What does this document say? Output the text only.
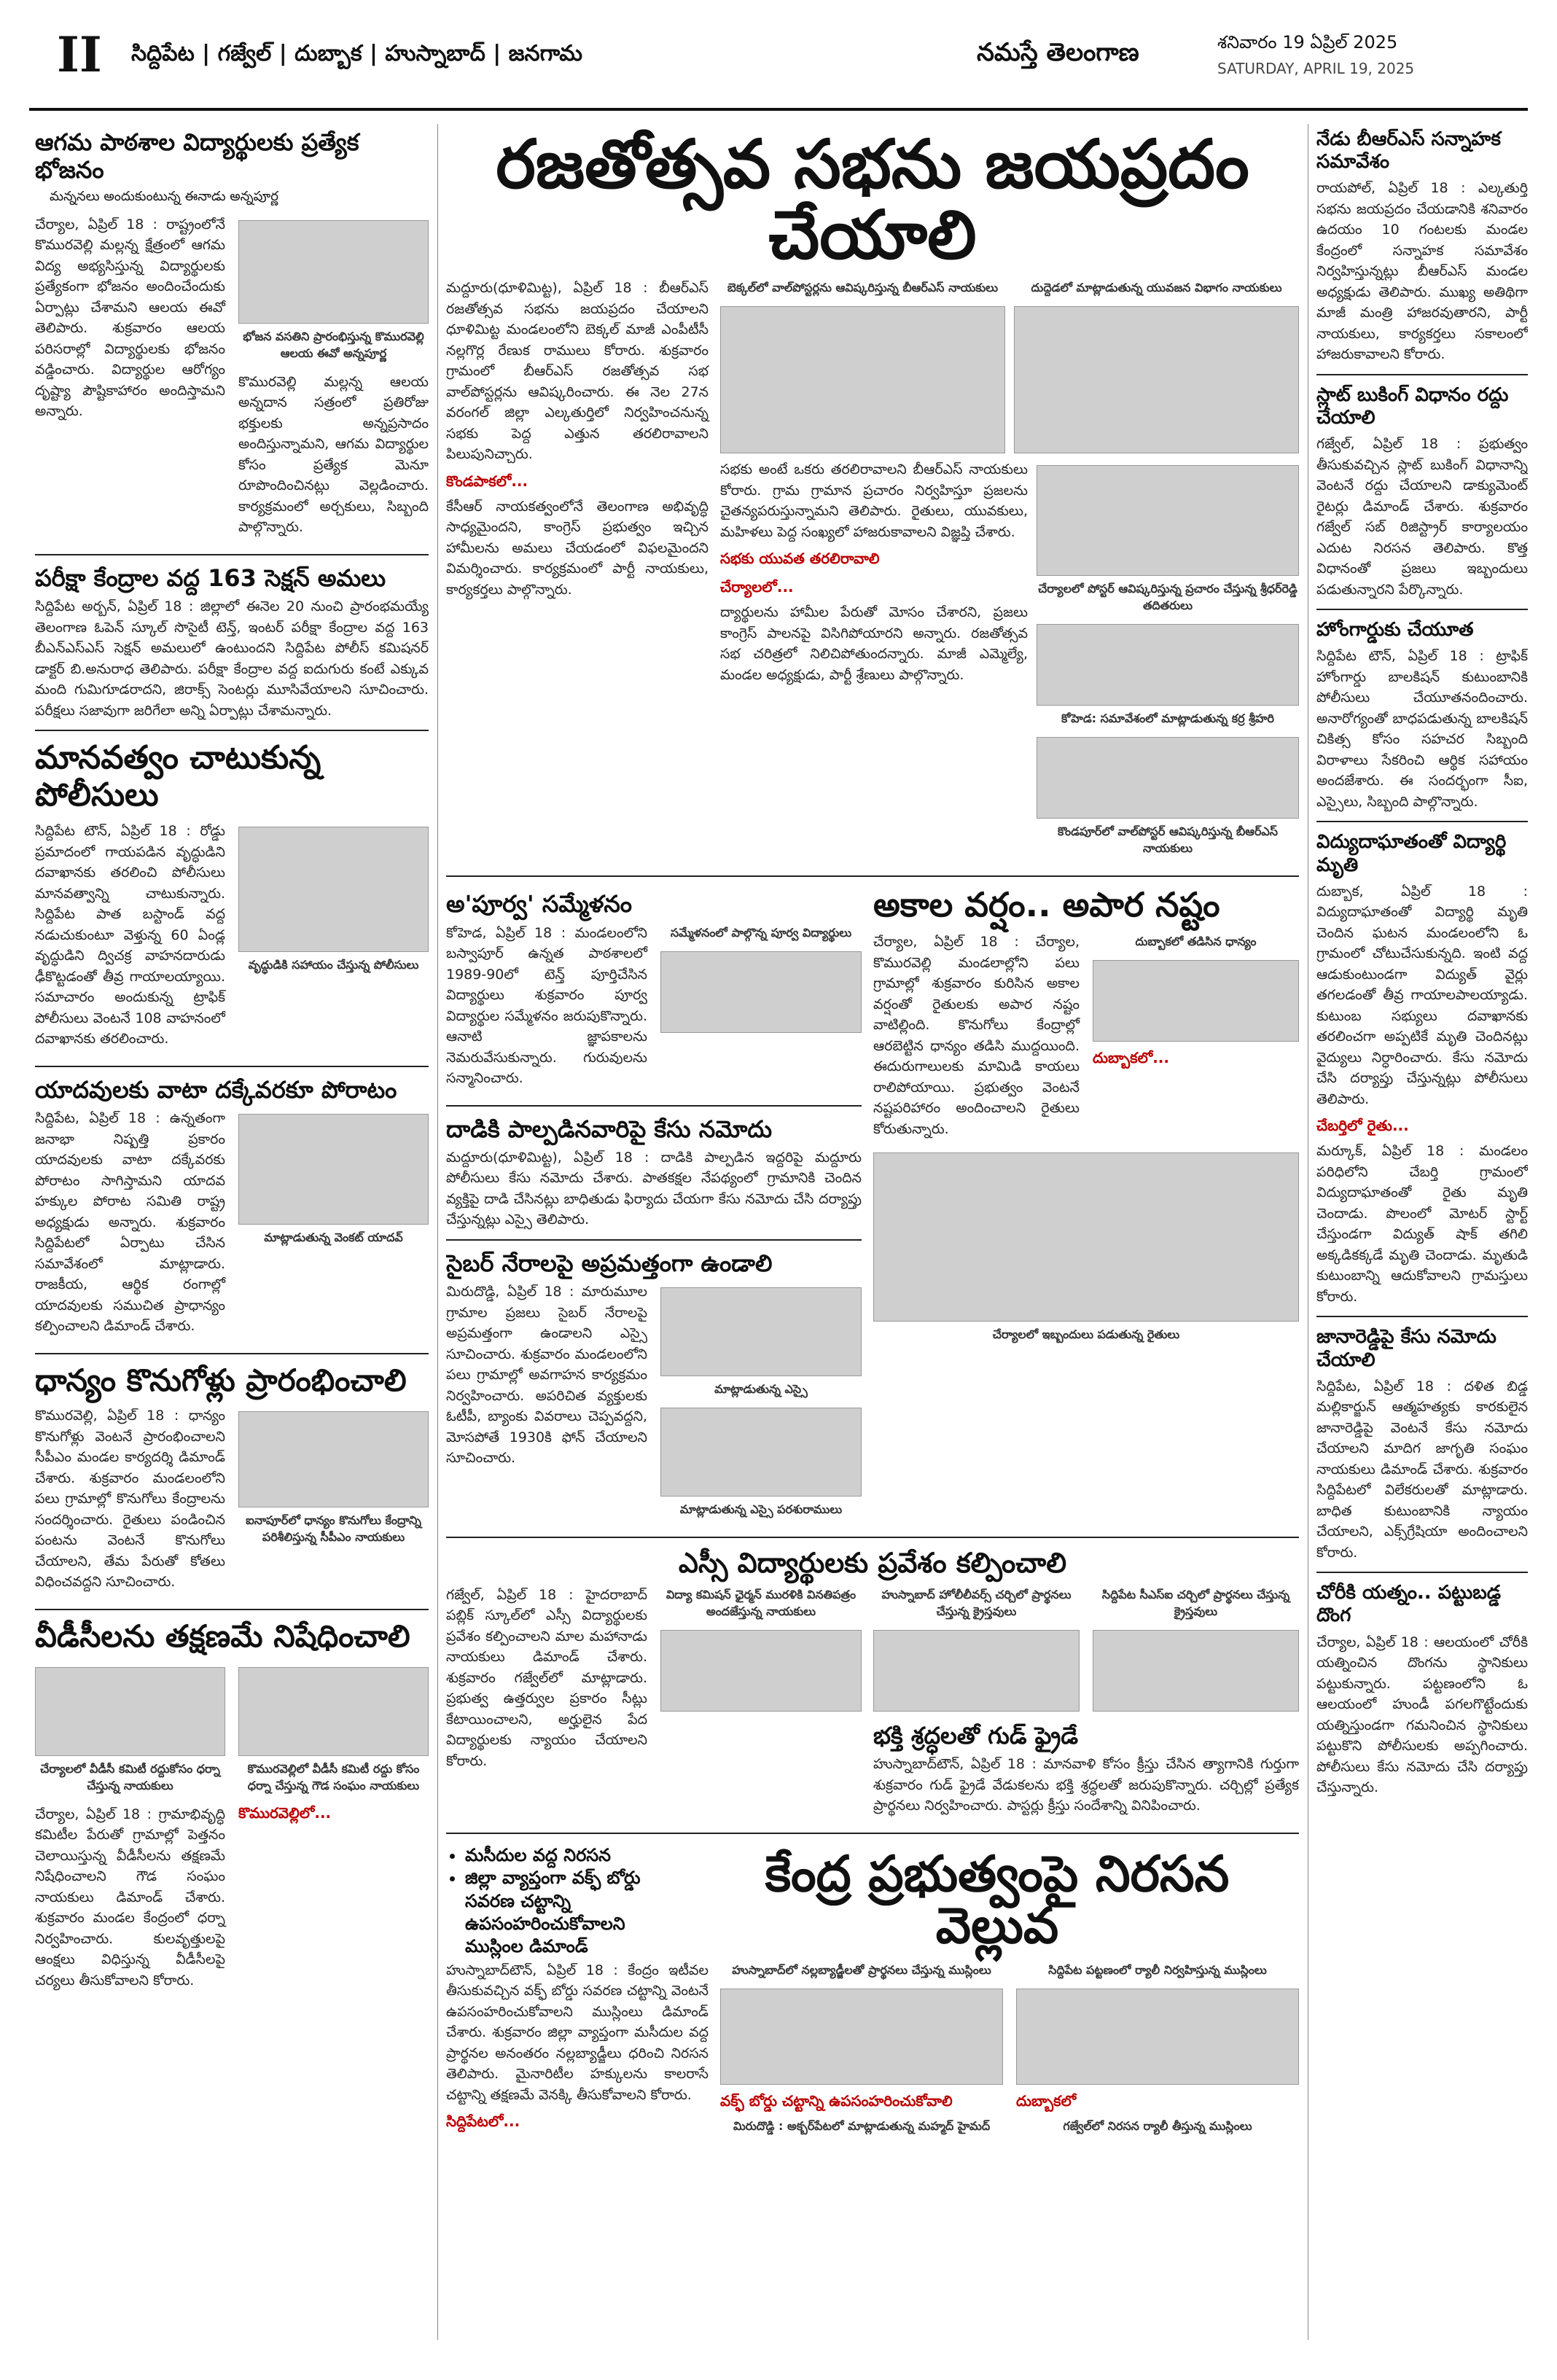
II సిద్దిపేట | గజ్వేల్ | దుబ్బాక | హుస్నాబాద్ | జనగామ	నమస్తే తెలంగాణ	శనివారం 19 ఏప్రిల్ 2025
SATURDAY, APRIL 19, 2025
ఆగమ పాఠశాల విద్యార్థులకు ప్రత్యేక భోజనం
మన్ననలు అందుకుంటున్న ఈనాడు అన్నపూర్ణ

చేర్యాల, ఏప్రిల్ 18 : రాష్ట్రంలోనే కొమురవెల్లి మల్లన్న క్షేత్రంలో ఆగమ విద్య అభ్యసిస్తున్న విద్యార్థులకు ప్రత్యేకంగా భోజనం అందించేందుకు ఏర్పాట్లు చేశామని ఆలయ ఈవో తెలిపారు. శుక్రవారం ఆలయ పరిసరాల్లో విద్యార్థులకు భోజనం వడ్డించారు. విద్యార్థుల ఆరోగ్యం దృష్ట్యా పౌష్టికాహారం అందిస్తామని అన్నారు.

భోజన వసతిని ప్రారంభిస్తున్న కొమురవెల్లి ఆలయ ఈవో అన్నపూర్ణ

కొమురవెల్లి మల్లన్న ఆలయ అన్నదాన సత్రంలో ప్రతిరోజు భక్తులకు అన్నప్రసాదం అందిస్తున్నామని, ఆగమ విద్యార్థుల కోసం ప్రత్యేక మెనూ రూపొందించినట్లు వెల్లడించారు. కార్యక్రమంలో అర్చకులు, సిబ్బంది పాల్గొన్నారు.

పరీక్షా కేంద్రాల వద్ద 163 సెక్షన్ అమలు

సిద్దిపేట అర్బన్, ఏప్రిల్ 18 : జిల్లాలో ఈనెల 20 నుంచి ప్రారంభమయ్యే తెలంగాణ ఓపెన్ స్కూల్ సొసైటీ టెన్త్, ఇంటర్ పరీక్షా కేంద్రాల వద్ద 163 బీఎన్ఎస్ఎస్ సెక్షన్ అమలులో ఉంటుందని సిద్దిపేట పోలీస్ కమిషనర్ డాక్టర్ బి.అనురాధ తెలిపారు. పరీక్షా కేంద్రాల వద్ద ఐదుగురు కంటే ఎక్కువ మంది గుమిగూడరాదని, జిరాక్స్ సెంటర్లు మూసివేయాలని సూచించారు. పరీక్షలు సజావుగా జరిగేలా అన్ని ఏర్పాట్లు చేశామన్నారు.

మానవత్వం చాటుకున్న పోలీసులు

సిద్దిపేట టౌన్, ఏప్రిల్ 18 : రోడ్డు ప్రమాదంలో గాయపడిన వృద్ధుడిని దవాఖానకు తరలించి పోలీసులు మానవత్వాన్ని చాటుకున్నారు. సిద్దిపేట పాత బస్టాండ్ వద్ద నడుచుకుంటూ వెళ్తున్న 60 ఏండ్ల వృద్ధుడిని ద్విచక్ర వాహనదారుడు ఢీకొట్టడంతో తీవ్ర గాయాలయ్యాయి. సమాచారం అందుకున్న ట్రాఫిక్ పోలీసులు వెంటనే 108 వాహనంలో దవాఖానకు తరలించారు.

వృద్ధుడికి సహాయం చేస్తున్న పోలీసులు
యాదవులకు వాటా దక్కేవరకూ పోరాటం

సిద్దిపేట, ఏప్రిల్ 18 : ఉన్నతంగా జనాభా నిష్పత్తి ప్రకారం యాదవులకు వాటా దక్కేవరకు పోరాటం సాగిస్తామని యాదవ హక్కుల పోరాట సమితి రాష్ట్ర అధ్యక్షుడు అన్నారు. శుక్రవారం సిద్దిపేటలో ఏర్పాటు చేసిన సమావేశంలో మాట్లాడారు. రాజకీయ, ఆర్థిక రంగాల్లో యాదవులకు సముచిత ప్రాధాన్యం కల్పించాలని డిమాండ్ చేశారు.

మాట్లాడుతున్న వెంకట్ యాదవ్
ధాన్యం కొనుగోళ్లు ప్రారంభించాలి

కొమురవెల్లి, ఏప్రిల్ 18 : ధాన్యం కొనుగోళ్లు వెంటనే ప్రారంభించాలని సీపీఎం మండల కార్యదర్శి డిమాండ్ చేశారు. శుక్రవారం మండలంలోని పలు గ్రామాల్లో కొనుగోలు కేంద్రాలను సందర్శించారు. రైతులు పండించిన పంటను వెంటనే కొనుగోలు చేయాలని, తేమ పేరుతో కోతలు విధించవద్దని సూచించారు.

ఐనాపూర్‌లో ధాన్యం కొనుగోలు కేంద్రాన్ని పరిశీలిస్తున్న సీపీఎం నాయకులు
వీడీసీలను తక్షణమే నిషేధించాలి
చేర్యాలలో వీడీసీ కమిటీ రద్దుకోసం ధర్నా చేస్తున్న నాయకులు

చేర్యాల, ఏప్రిల్ 18 : గ్రామాభివృద్ధి కమిటీల పేరుతో గ్రామాల్లో పెత్తనం చెలాయిస్తున్న వీడీసీలను తక్షణమే నిషేధించాలని గౌడ సంఘం నాయకులు డిమాండ్ చేశారు. శుక్రవారం మండల కేంద్రంలో ధర్నా నిర్వహించారు. కులవృత్తులపై ఆంక్షలు విధిస్తున్న వీడీసీలపై చర్యలు తీసుకోవాలని కోరారు.

కొమురవెల్లిలో వీడీసీ కమిటీ రద్దు కోసం ధర్నా చేస్తున్న గౌడ సంఘం నాయకులు
కొమురవెల్లిలో...
రజతోత్సవ సభను జయప్రదం చేయాలి

మద్దూరు(ధూళిమిట్ట), ఏప్రిల్ 18 : బీఆర్ఎస్ రజతోత్సవ సభను జయప్రదం చేయాలని ధూళిమిట్ట మండలంలోని బెక్కల్ మాజీ ఎంపీటీసీ నల్లగొర్ల రేణుక రాములు కోరారు. శుక్రవారం గ్రామంలో బీఆర్ఎస్ రజతోత్సవ సభ వాల్‌పోస్టర్లను ఆవిష్కరించారు. ఈ నెల 27న వరంగల్ జిల్లా ఎల్కతుర్తిలో నిర్వహించనున్న సభకు పెద్ద ఎత్తున తరలిరావాలని పిలుపునిచ్చారు.

కొండపాకలో...

కేసీఆర్ నాయకత్వంలోనే తెలంగాణ అభివృద్ధి సాధ్యమైందని, కాంగ్రెస్ ప్రభుత్వం ఇచ్చిన హామీలను అమలు చేయడంలో విఫలమైందని విమర్శించారు. కార్యక్రమంలో పార్టీ నాయకులు, కార్యకర్తలు పాల్గొన్నారు.

బెక్కల్‌లో వాల్‌పోస్టర్లను ఆవిష్కరిస్తున్న బీఆర్ఎస్ నాయకులు	దుద్దెడలో మాట్లాడుతున్న యువజన విభాగం నాయకులు

సభకు అంటే ఒకరు తరలిరావాలని బీఆర్ఎస్ నాయకులు కోరారు. గ్రామ గ్రామాన ప్రచారం నిర్వహిస్తూ ప్రజలను చైతన్యపరుస్తున్నామని తెలిపారు. రైతులు, యువకులు, మహిళలు పెద్ద సంఖ్యలో హాజరుకావాలని విజ్ఞప్తి చేశారు.

సభకు యువత తరలిరావాలి
చేర్యాలలో...

ద్యార్థులను హామీల పేరుతో మోసం చేశారని, ప్రజలు కాంగ్రెస్ పాలనపై విసిగిపోయారని అన్నారు. రజతోత్సవ సభ చరిత్రలో నిలిచిపోతుందన్నారు. మాజీ ఎమ్మెల్యే, మండల అధ్యక్షుడు, పార్టీ శ్రేణులు పాల్గొన్నారు.

చేర్యాలలో పోస్టర్ ఆవిష్కరిస్తున్న ప్రచారం చేస్తున్న శ్రీధర్‌రెడ్డి తదితరులు
కోహెడ: సమావేశంలో మాట్లాడుతున్న కర్ర శ్రీహరి
కొండపూర్‌లో వాల్‌పోస్టర్ ఆవిష్కరిస్తున్న బీఆర్ఎస్ నాయకులు
అ'పూర్వ' సమ్మేళనం

కోహెడ, ఏప్రిల్ 18 : మండలంలోని బస్వాపూర్ ఉన్నత పాఠశాలలో 1989-90లో టెన్త్ పూర్తిచేసిన విద్యార్థులు శుక్రవారం పూర్వ విద్యార్థుల సమ్మేళనం జరుపుకొన్నారు. ఆనాటి జ్ఞాపకాలను నెమరువేసుకున్నారు. గురువులను సన్మానించారు.

సమ్మేళనంలో పాల్గొన్న పూర్వ విద్యార్థులు
దాడికి పాల్పడినవారిపై కేసు నమోదు

మద్దూరు(ధూళిమిట్ట), ఏప్రిల్ 18 : దాడికి పాల్పడిన ఇద్దరిపై మద్దూరు పోలీసులు కేసు నమోదు చేశారు. పాతకక్షల నేపథ్యంలో గ్రామానికి చెందిన వ్యక్తిపై దాడి చేసినట్లు బాధితుడు ఫిర్యాదు చేయగా కేసు నమోదు చేసి దర్యాప్తు చేస్తున్నట్లు ఎస్సై తెలిపారు.

సైబర్ నేరాలపై అప్రమత్తంగా ఉండాలి

మిరుదొడ్డి, ఏప్రిల్ 18 : మారుమూల గ్రామాల ప్రజలు సైబర్ నేరాలపై అప్రమత్తంగా ఉండాలని ఎస్సై సూచించారు. శుక్రవారం మండలంలోని పలు గ్రామాల్లో అవగాహన కార్యక్రమం నిర్వహించారు. అపరిచిత వ్యక్తులకు ఓటీపీ, బ్యాంకు వివరాలు చెప్పవద్దని, మోసపోతే 1930కి ఫోన్ చేయాలని సూచించారు.

మాట్లాడుతున్న ఎస్సై
మాట్లాడుతున్న ఎస్సై పరశురాములు
అకాల వర్షం.. అపార నష్టం

చేర్యాల, ఏప్రిల్ 18 : చేర్యాల, కొమురవెల్లి మండలాల్లోని పలు గ్రామాల్లో శుక్రవారం కురిసిన అకాల వర్షంతో రైతులకు అపార నష్టం వాటిల్లింది. కొనుగోలు కేంద్రాల్లో ఆరబెట్టిన ధాన్యం తడిసి ముద్దయింది. ఈదురుగాలులకు మామిడి కాయలు రాలిపోయాయి. ప్రభుత్వం వెంటనే నష్టపరిహారం అందించాలని రైతులు కోరుతున్నారు.

దుబ్బాకలో తడిసిన ధాన్యం
దుబ్బాకలో...
చేర్యాలలో ఇబ్బందులు పడుతున్న రైతులు
ఎస్సీ విద్యార్థులకు ప్రవేశం కల్పించాలి

గజ్వేల్, ఏప్రిల్ 18 : హైదరాబాద్ పబ్లిక్ స్కూల్‌లో ఎస్సీ విద్యార్థులకు ప్రవేశం కల్పించాలని మాల మహానాడు నాయకులు డిమాండ్ చేశారు. శుక్రవారం గజ్వేల్‌లో మాట్లాడారు. ప్రభుత్వ ఉత్తర్వుల ప్రకారం సీట్లు కేటాయించాలని, అర్హులైన పేద విద్యార్థులకు న్యాయం చేయాలని కోరారు.

విద్యా కమిషన్ ఛైర్మన్ మురళికి వినతిపత్రం అందజేస్తున్న నాయకులు
హుస్నాబాద్ హోలీలీవర్స్ చర్చిలో ప్రార్థనలు చేస్తున్న క్రైస్తవులు
సిద్దిపేట సీఎస్ఐ చర్చిలో ప్రార్థనలు చేస్తున్న క్రైస్తవులు
భక్తి శ్రద్ధలతో గుడ్ ఫ్రైడే

హుస్నాబాద్‌టౌన్, ఏప్రిల్ 18 : మానవాళి కోసం క్రీస్తు చేసిన త్యాగానికి గుర్తుగా శుక్రవారం గుడ్ ఫ్రైడే వేడుకలను భక్తి శ్రద్ధలతో జరుపుకొన్నారు. చర్చిల్లో ప్రత్యేక ప్రార్థనలు నిర్వహించారు. పాస్టర్లు క్రీస్తు సందేశాన్ని వినిపించారు.

• మసీదుల వద్ద నిరసన
• జిల్లా వ్యాప్తంగా వక్ఫ్ బోర్డు సవరణ చట్టాన్ని ఉపసంహరించుకోవాలని ముస్లింల డిమాండ్
కేంద్ర ప్రభుత్వంపై నిరసన వెల్లువ

హుస్నాబాద్‌టౌన్, ఏప్రిల్ 18 : కేంద్రం ఇటీవల తీసుకువచ్చిన వక్ఫ్ బోర్డు సవరణ చట్టాన్ని వెంటనే ఉపసంహరించుకోవాలని ముస్లింలు డిమాండ్ చేశారు. శుక్రవారం జిల్లా వ్యాప్తంగా మసీదుల వద్ద ప్రార్థనల అనంతరం నల్లబ్యాడ్జీలు ధరించి నిరసన తెలిపారు. మైనారిటీల హక్కులను కాలరాసే చట్టాన్ని తక్షణమే వెనక్కి తీసుకోవాలని కోరారు.

సిద్దిపేటలో...
హుస్నాబాద్‌లో నల్లబ్యాడ్జీలతో ప్రార్థనలు చేస్తున్న ముస్లింలు
వక్ఫ్ బోర్డు చట్టాన్ని ఉపసంహరించుకోవాలి
సిద్దిపేట పట్టణంలో ర్యాలీ నిర్వహిస్తున్న ముస్లింలు
దుబ్బాకలో
మిరుదొడ్డి : అక్బర్‌పేటలో మాట్లాడుతున్న మహ్మద్ హైమద్	గజ్వేల్‌లో నిరసన ర్యాలీ తీస్తున్న ముస్లింలు
నేడు బీఆర్ఎస్ సన్నాహక సమావేశం

రాయపోల్, ఏప్రిల్ 18 : ఎల్కతుర్తి సభను జయప్రదం చేయడానికి శనివారం ఉదయం 10 గంటలకు మండల కేంద్రంలో సన్నాహక సమావేశం నిర్వహిస్తున్నట్లు బీఆర్ఎస్ మండల అధ్యక్షుడు తెలిపారు. ముఖ్య అతిథిగా మాజీ మంత్రి హాజరవుతారని, పార్టీ నాయకులు, కార్యకర్తలు సకాలంలో హాజరుకావాలని కోరారు.

స్లాట్ బుకింగ్ విధానం రద్దు చేయాలి

గజ్వేల్, ఏప్రిల్ 18 : ప్రభుత్వం తీసుకువచ్చిన స్లాట్ బుకింగ్ విధానాన్ని వెంటనే రద్దు చేయాలని డాక్యుమెంట్ రైటర్లు డిమాండ్ చేశారు. శుక్రవారం గజ్వేల్ సబ్ రిజిస్ట్రార్ కార్యాలయం ఎదుట నిరసన తెలిపారు. కొత్త విధానంతో ప్రజలు ఇబ్బందులు పడుతున్నారని పేర్కొన్నారు.

హోంగార్డుకు చేయూత

సిద్దిపేట టౌన్, ఏప్రిల్ 18 : ట్రాఫిక్ హోంగార్డు బాలకిషన్ కుటుంబానికి పోలీసులు చేయూతనందించారు. అనారోగ్యంతో బాధపడుతున్న బాలకిషన్ చికిత్స కోసం సహచర సిబ్బంది విరాళాలు సేకరించి ఆర్థిక సహాయం అందజేశారు. ఈ సందర్భంగా సీఐ, ఎస్సైలు, సిబ్బంది పాల్గొన్నారు.

విద్యుదాఘాతంతో విద్యార్థి మృతి

దుబ్బాక, ఏప్రిల్ 18 : విద్యుదాఘాతంతో విద్యార్థి మృతి చెందిన ఘటన మండలంలోని ఓ గ్రామంలో చోటుచేసుకున్నది. ఇంటి వద్ద ఆడుకుంటుండగా విద్యుత్ వైర్లు తగలడంతో తీవ్ర గాయాలపాలయ్యాడు. కుటుంబ సభ్యులు దవాఖానకు తరలించగా అప్పటికే మృతి చెందినట్లు వైద్యులు నిర్ధారించారు. కేసు నమోదు చేసి దర్యాప్తు చేస్తున్నట్లు పోలీసులు తెలిపారు.

చేబర్తిలో రైతు...

మర్కూక్, ఏప్రిల్ 18 : మండలం పరిధిలోని చేబర్తి గ్రామంలో విద్యుదాఘాతంతో రైతు మృతి చెందాడు. పొలంలో మోటర్ స్టార్ట్ చేస్తుండగా విద్యుత్ షాక్ తగిలి అక్కడికక్కడే మృతి చెందాడు. మృతుడి కుటుంబాన్ని ఆదుకోవాలని గ్రామస్తులు కోరారు.

జానారెడ్డిపై కేసు నమోదు చేయాలి

సిద్దిపేట, ఏప్రిల్ 18 : దళిత బిడ్డ మల్లికార్జున్ ఆత్మహత్యకు కారకులైన జానారెడ్డిపై వెంటనే కేసు నమోదు చేయాలని మాదిగ జాగృతి సంఘం నాయకులు డిమాండ్ చేశారు. శుక్రవారం సిద్దిపేటలో విలేకరులతో మాట్లాడారు. బాధిత కుటుంబానికి న్యాయం చేయాలని, ఎక్స్‌గ్రేషియా అందించాలని కోరారు.

చోరీకి యత్నం.. పట్టుబడ్డ దొంగ

చేర్యాల, ఏప్రిల్ 18 : ఆలయంలో చోరీకి యత్నించిన దొంగను స్థానికులు పట్టుకున్నారు. పట్టణంలోని ఓ ఆలయంలో హుండీ పగలగొట్టేందుకు యత్నిస్తుండగా గమనించిన స్థానికులు పట్టుకొని పోలీసులకు అప్పగించారు. పోలీసులు కేసు నమోదు చేసి దర్యాప్తు చేస్తున్నారు.
